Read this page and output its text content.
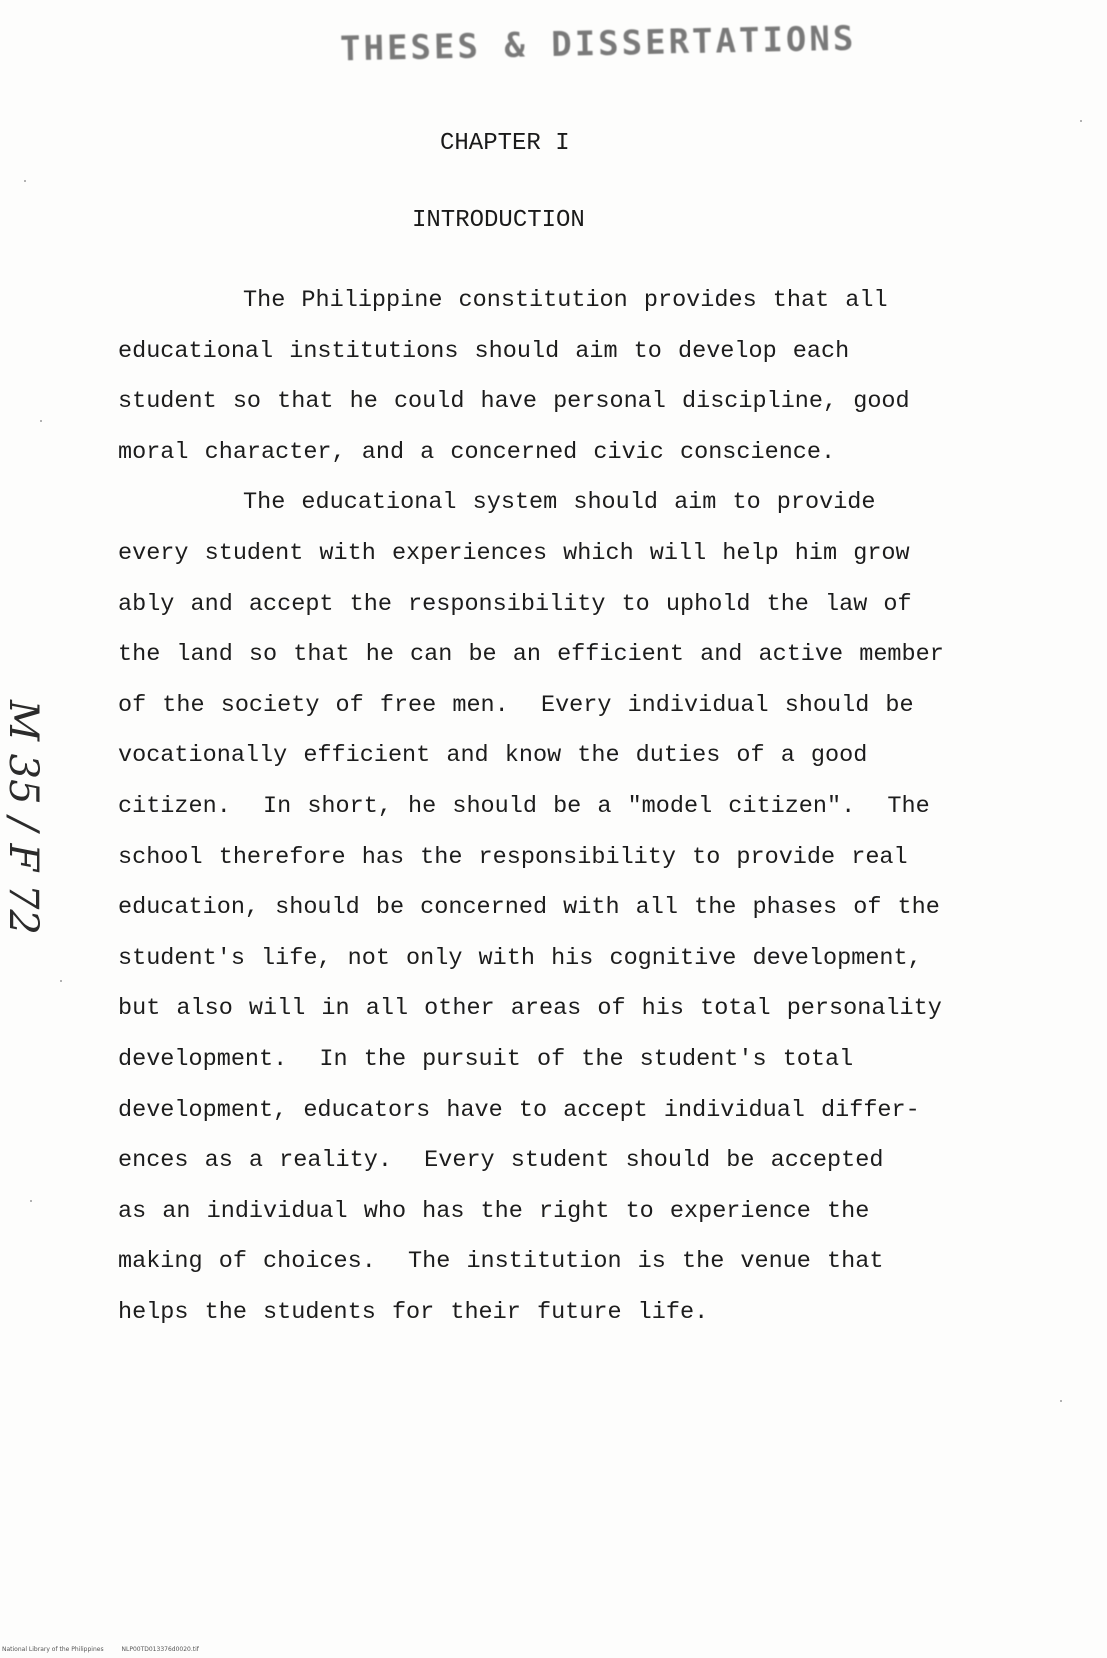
THESES & DISSERTATIONS
CHAPTER I
INTRODUCTION
The Philippine constitution provides that all
educational institutions should aim to develop each
student so that he could have personal discipline, good
moral character, and a concerned civic conscience.
The educational system should aim to provide
every student with experiences which will help him grow
ably and accept the responsibility to uphold the law of
the land so that he can be an efficient and active member
of the society of free men.  Every individual should be
vocationally efficient and know the duties of a good
citizen.  In short, he should be a "model citizen".  The
school therefore has the responsibility to provide real
education, should be concerned with all the phases of the
student's life, not only with his cognitive development,
but also will in all other areas of his total personality
development.  In the pursuit of the student's total
development, educators have to accept individual differ-
ences as a reality.  Every student should be accepted
as an individual who has the right to experience the
making of choices.  The institution is the venue that
helps the students for their future life.
M 35 / F 72
National Library of the Philippines	NLP00TD013376d0020.tif
